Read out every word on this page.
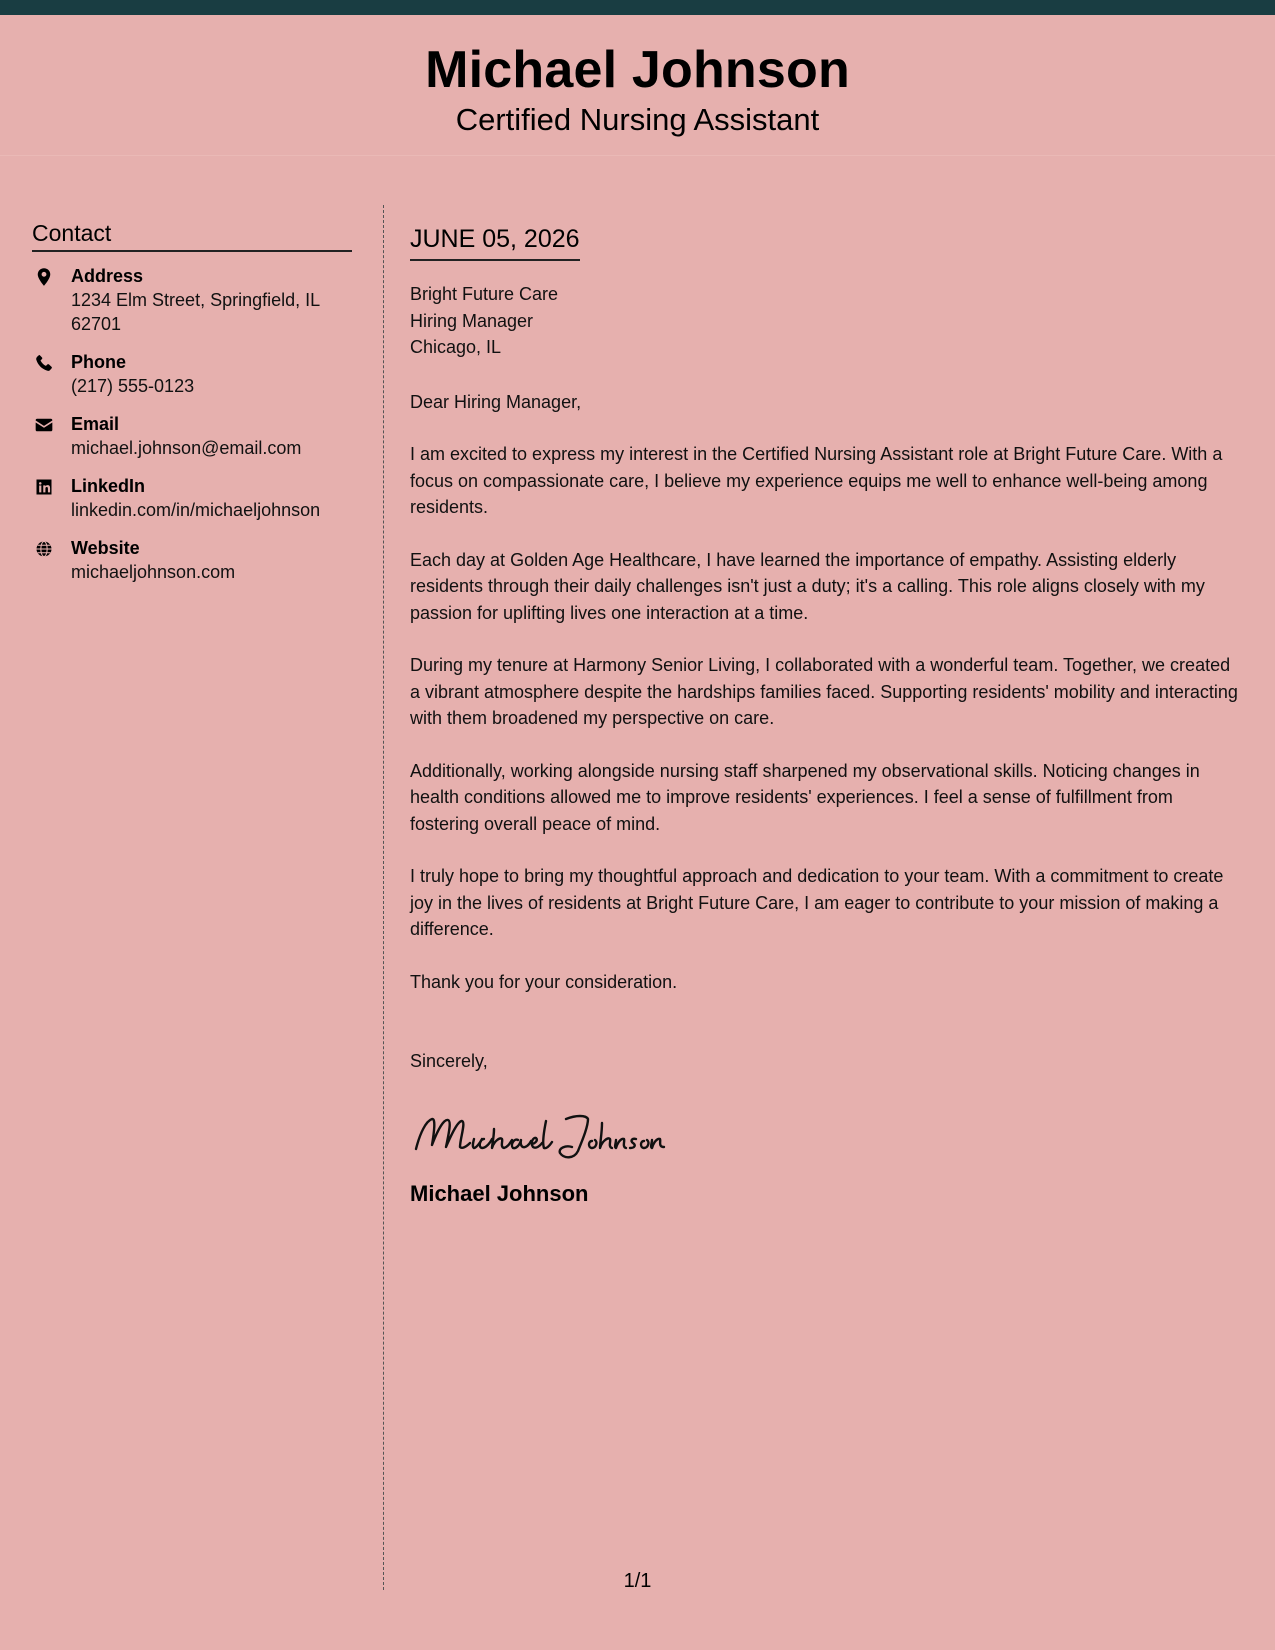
Michael Johnson
Certified Nursing Assistant
Contact
Address
1234 Elm Street, Springfield, IL 62701
Phone
(217) 555-0123
Email
michael.johnson@email.com
LinkedIn
linkedin.com/in/michaeljohnson
Website
michaeljohnson.com
JUNE 05, 2026
Bright Future Care
Hiring Manager
Chicago, IL

Dear Hiring Manager,

I am excited to express my interest in the Certified Nursing Assistant role at Bright Future Care. With a focus on compassionate care, I believe my experience equips me well to enhance well-being among residents.

Each day at Golden Age Healthcare, I have learned the importance of empathy. Assisting elderly residents through their daily challenges isn't just a duty; it's a calling. This role aligns closely with my passion for uplifting lives one interaction at a time.

During my tenure at Harmony Senior Living, I collaborated with a wonderful team. Together, we created a vibrant atmosphere despite the hardships families faced. Supporting residents' mobility and interacting with them broadened my perspective on care.

Additionally, working alongside nursing staff sharpened my observational skills. Noticing changes in health conditions allowed me to improve residents' experiences. I feel a sense of fulfillment from fostering overall peace of mind.

I truly hope to bring my thoughtful approach and dedication to your team. With a commitment to create joy in the lives of residents at Bright Future Care, I am eager to contribute to your mission of making a difference.

Thank you for your consideration.

Sincerely,

Michael Johnson
1/1
